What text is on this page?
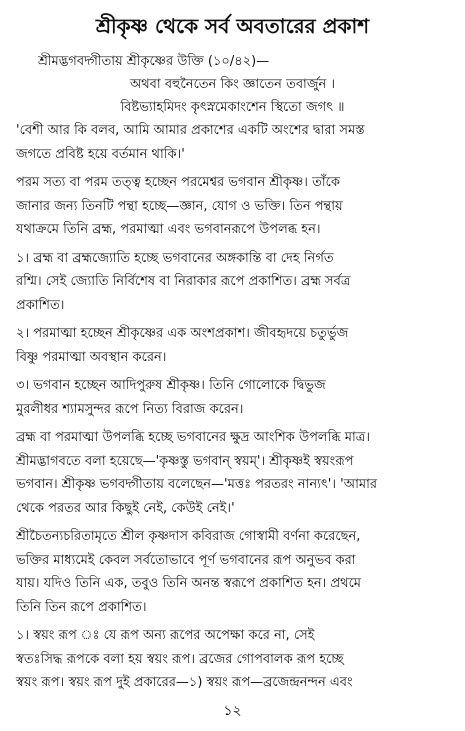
শ্রীকৃষ্ণ থেকে সর্ব অবতারের প্রকাশ
শ্রীমদ্ভগবদ্গীতায় শ্রীকৃষ্ণের উক্তি (১০/৪২)—
অথবা বহুনৈতেন কিং জ্ঞাতেন তবার্জুন ।
বিষ্টভ্যাহমিদং কৃৎস্নমেকাংশেন স্থিতো জগৎ ॥
'বেশী আর কি বলব, আমি আমার প্রকাশের একটি অংশের দ্বারা সমস্ত
জগতে প্রবিষ্ট হয়ে বর্তমান থাকি।'
পরম সত্য বা পরম তত্ত্ব হচ্ছেন পরমেশ্বর ভগবান শ্রীকৃষ্ণ। তাঁকে
জানার জন্য তিনটি পন্থা হচ্ছে—জ্ঞান, যোগ ও ভক্তি। তিন পন্থায়
যথাক্রমে তিনি ব্রহ্ম, পরমাত্মা এবং ভগবানরূপে উপলব্ধ হন।
১। ব্রহ্ম বা ব্রহ্মজ্যোতি হচ্ছে ভগবানের অঙ্গকান্তি বা দেহ নির্গত
রশ্মি। সেই জ্যোতি নির্বিশেষ বা নিরাকার রূপে প্রকাশিত। ব্রহ্ম সর্বত্র
প্রকাশিত।
২। পরমাত্মা হচ্ছেন শ্রীকৃষ্ণের এক অংশপ্রকাশ। জীবহৃদয়ে চতুর্ভুজ
বিষ্ণু পরমাত্মা অবস্থান করেন।
৩। ভগবান হচ্ছেন আদিপুরুষ শ্রীকৃষ্ণ। তিনি গোলোকে দ্বিভুজ
মুরলীধর শ্যামসুন্দর রূপে নিত্য বিরাজ করেন।
ব্রহ্ম বা পরমাত্মা উপলব্ধি হচ্ছে ভগবানের ক্ষুদ্র আংশিক উপলব্ধি মাত্র।
শ্রীমদ্ভাগবতে বলা হয়েছে—'কৃষ্ণস্তু ভগবান্ স্বয়ম্'। শ্রীকৃষ্ণই স্বয়ংরূপ
ভগবান। শ্রীকৃষ্ণ ভগবদ্গীতায় বলেছেন—'মত্তঃ পরতরং নান্যৎ'। 'আমার
থেকে পরতর আর কিছুই নেই, কেউই নেই।'
শ্রীচৈতন্যচরিতামৃতে শ্রীল কৃষ্ণদাস কবিরাজ গোস্বামী বর্ণনা করেছেন,
ভক্তির মাধ্যমেই কেবল সর্বতোভাবে পূর্ণ ভগবানের রূপ অনুভব করা
যায়। যদিও তিনি এক, তবুও তিনি অনন্ত স্বরূপে প্রকাশিত হন। প্রথমে
তিনি তিন রূপে প্রকাশিত।
১। স্বয়ং রূপ ঃ যে রূপ অন্য রূপের অপেক্ষা করে না, সেই
স্বতঃসিদ্ধ রূপকে বলা হয় স্বয়ং রূপ। ব্রজের গোপবালক রূপ হচ্ছে
স্বয়ং রূপ। স্বয়ং রূপ দুই প্রকারের—১) স্বয়ং রূপ—ব্রজেন্দ্রনন্দন এবং
১২
